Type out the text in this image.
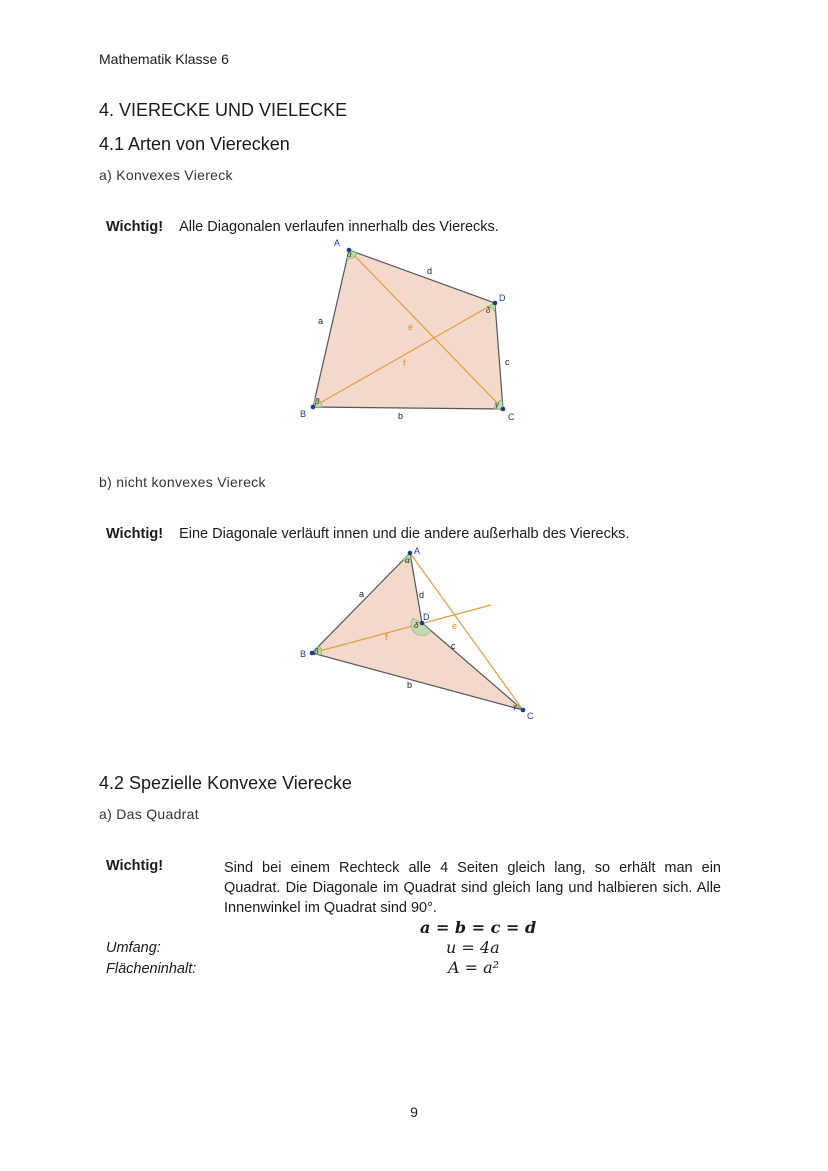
Mathematik Klasse 6
4. VIERECKE UND VIELECKE
4.1 Arten von Vierecken
a) Konvexes Viereck
Wichtig! Alle Diagonalen verlaufen innerhalb des Vierecks.
A
B	C
D
a
b
c
d
e
f
α
β	γ
δ
b) nicht konvexes Viereck
Wichtig! Eine Diagonale verläuft innen und die andere außerhalb des Vierecks.
A
B
C
D
a
b
c
d
e
f
α
β
γ
δ
4.2 Spezielle Konvexe Vierecke
a) Das Quadrat
Wichtig!	Sind bei einem Rechteck alle 4 Seiten gleich lang, so erhält man ein Quadrat. Die Diagonale im Quadrat sind gleich lang und halbieren sich. Alle Innenwinkel im Quadrat sind 90°.
a = b = c = d
Umfang:	u = 4a
Flächeninhalt:	A = a²
9
